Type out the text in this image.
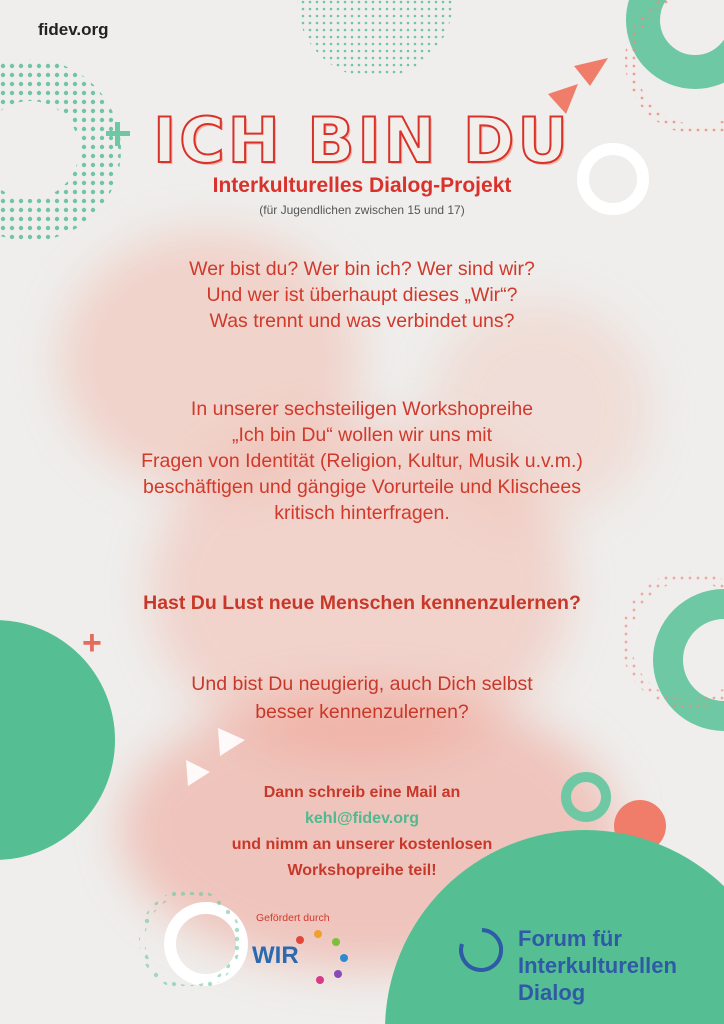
fidev.org
ICH BIN DU
Interkulturelles Dialog-Projekt
(für Jugendlichen zwischen 15 und 17)
Wer bist du? Wer bin ich? Wer sind wir?
Und wer ist überhaupt dieses „Wir“?
Was trennt und was verbindet uns?
In unserer sechsteiligen Workshopreihe
„Ich bin Du“ wollen wir uns mit
Fragen von Identität (Religion, Kultur, Musik u.v.m.)
beschäftigen und gängige Vorurteile und Klischees
kritisch hinterfragen.
Hast Du Lust neue Menschen kennenzulernen?
+
Und bist Du neugierig, auch Dich selbst
besser kennenzulernen?
Dann schreib eine Mail an
kehl@fidev.org
und nimm an unserer kostenlosen
Workshopreihe teil!
Gefördert durch
WIR
Forum für
Interkulturellen
Dialog
